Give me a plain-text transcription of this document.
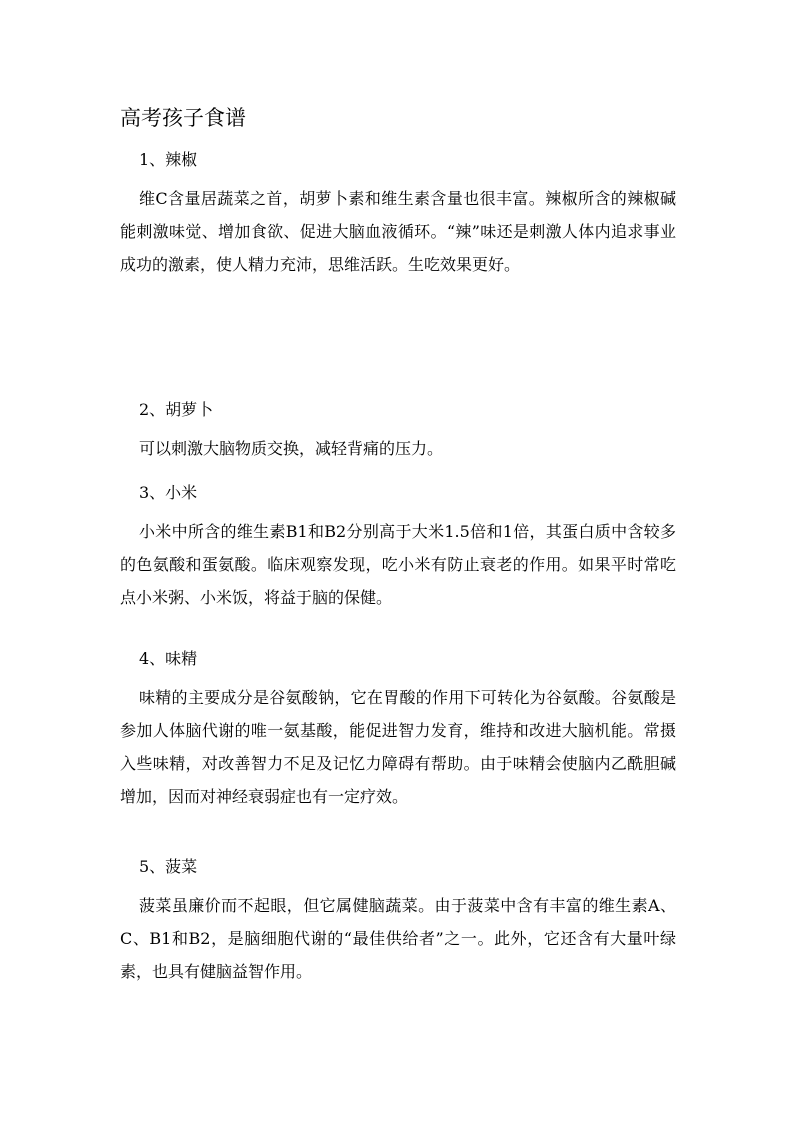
高考孩子食谱
1、辣椒
维C含量居蔬菜之首，胡萝卜素和维生素含量也很丰富。辣椒所含的辣椒碱能刺激味觉、增加食欲、促进大脑血液循环。“辣”味还是刺激人体内追求事业成功的激素，使人精力充沛，思维活跃。生吃效果更好。
2、胡萝卜
可以刺激大脑物质交换，减轻背痛的压力。
3、小米
小米中所含的维生素B1和B2分别高于大米1.5倍和1倍，其蛋白质中含较多的色氨酸和蛋氨酸。临床观察发现，吃小米有防止衰老的作用。如果平时常吃点小米粥、小米饭，将益于脑的保健。
4、味精
味精的主要成分是谷氨酸钠，它在胃酸的作用下可转化为谷氨酸。谷氨酸是参加人体脑代谢的唯一氨基酸，能促进智力发育，维持和改进大脑机能。常摄入些味精，对改善智力不足及记忆力障碍有帮助。由于味精会使脑内乙酰胆碱增加，因而对神经衰弱症也有一定疗效。
5、菠菜
菠菜虽廉价而不起眼，但它属健脑蔬菜。由于菠菜中含有丰富的维生素A、C、B1和B2，是脑细胞代谢的“最佳供给者”之一。此外，它还含有大量叶绿素，也具有健脑益智作用。
